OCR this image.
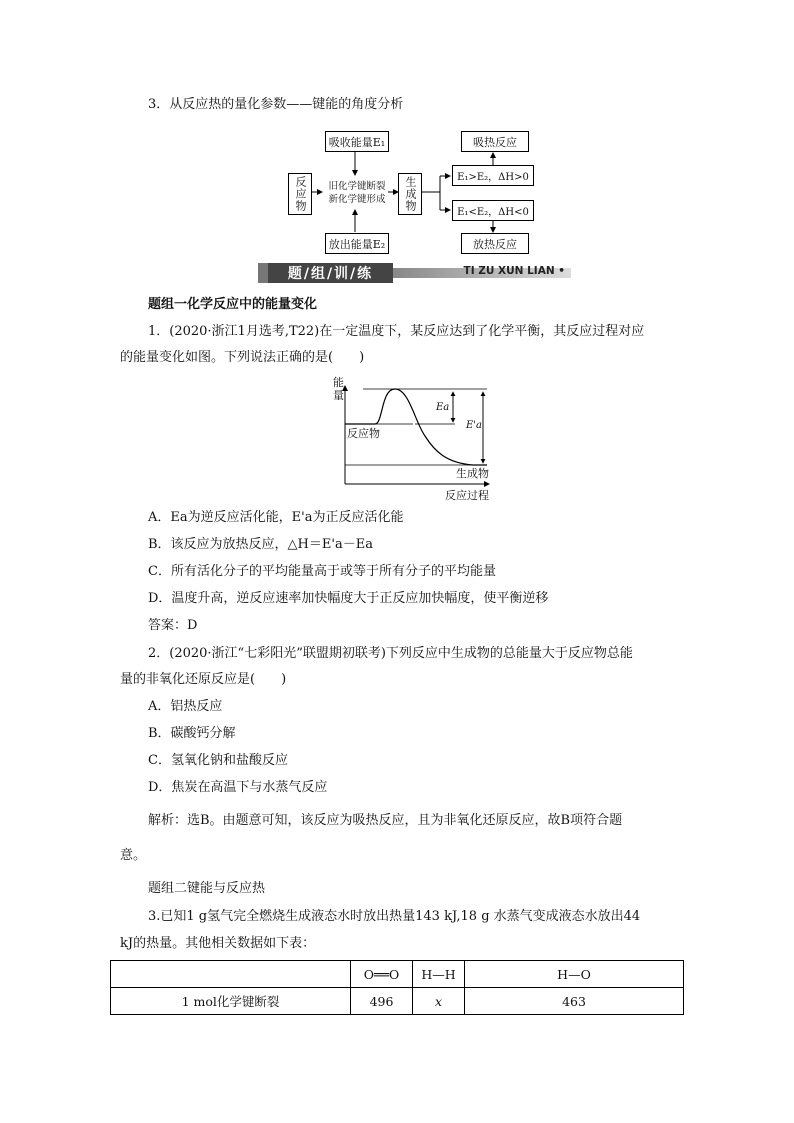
3．从反应热的量化参数——键能的角度分析
反应物
吸收能量E₁
旧化学键断裂
新化学键形成
放出能量E₂
生成物	E₁>E₂，ΔH>0
E₁<E₂，ΔH<0
吸热反应
放热反应
题/组/训/练	TI ZU XUN LIAN •
题组一化学反应中的能量变化
1．(2020·浙江1月选考,T22)在一定温度下，某反应达到了化学平衡，其反应过程对应
的能量变化如图。下列说法正确的是(　　)
能
量
Ea
E'a
反应物
生成物
反应过程
A．Ea为逆反应活化能，E'a为正反应活化能
B．该反应为放热反应，△H＝E'a－Ea
C．所有活化分子的平均能量高于或等于所有分子的平均能量
D．温度升高，逆反应速率加快幅度大于正反应加快幅度，使平衡逆移
答案：D
2．(2020·浙江“七彩阳光”联盟期初联考)下列反应中生成物的总能量大于反应物总能
量的非氧化还原反应是(　　)
A．铝热反应
B．碳酸钙分解
C．氢氧化钠和盐酸反应
D．焦炭在高温下与水蒸气反应
解析：选B。由题意可知，该反应为吸热反应，且为非氧化还原反应，故B项符合题
意。
题组二键能与反应热
3.已知1 g氢气完全燃烧生成液态水时放出热量143 kJ,18 g 水蒸气变成液态水放出44
kJ的热量。其他相关数据如下表：
	O══O	H—H	H—O
1 mol化学键断裂	496	x	463
